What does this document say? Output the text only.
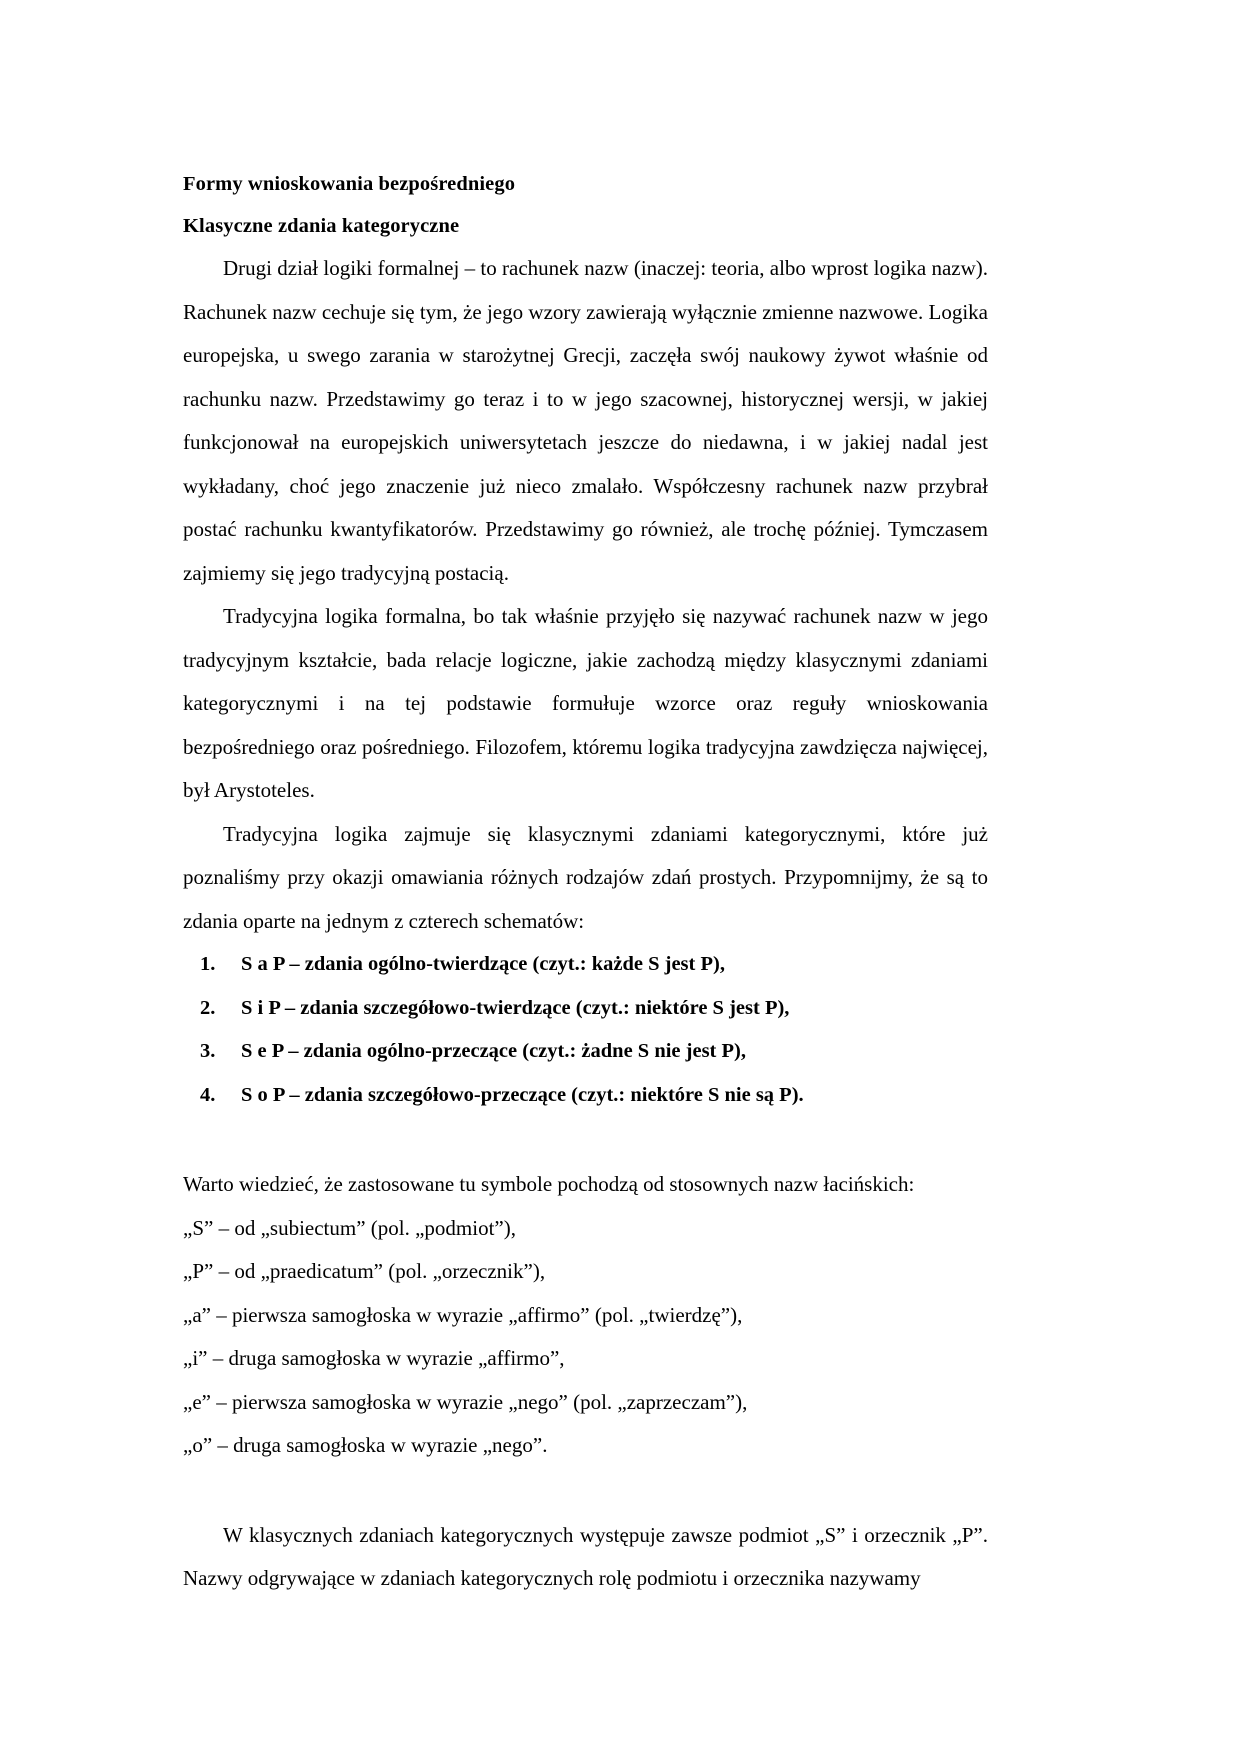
Formy wnioskowania bezpośredniego
Klasyczne zdania kategoryczne

Drugi dział logiki formalnej – to rachunek nazw (inaczej: teoria, albo wprost logika nazw). Rachunek nazw cechuje się tym, że jego wzory zawierają wyłącznie zmienne nazwowe. Logika europejska, u swego zarania w starożytnej Grecji, zaczęła swój naukowy żywot właśnie od rachunku nazw. Przedstawimy go teraz i to w jego szacownej, historycznej wersji, w jakiej funkcjonował na europejskich uniwersytetach jeszcze do niedawna, i w jakiej nadal jest wykładany, choć jego znaczenie już nieco zmalało. Współczesny rachunek nazw przybrał postać rachunku kwantyfikatorów. Przedstawimy go również, ale trochę później. Tymczasem zajmiemy się jego tradycyjną postacią.

Tradycyjna logika formalna, bo tak właśnie przyjęło się nazywać rachunek nazw w jego tradycyjnym kształcie, bada relacje logiczne, jakie zachodzą między klasycznymi zdaniami kategorycznymi i na tej podstawie formułuje wzorce oraz reguły wnioskowania bezpośredniego oraz pośredniego. Filozofem, któremu logika tradycyjna zawdzięcza najwięcej, był Arystoteles.

Tradycyjna logika zajmuje się klasycznymi zdaniami kategorycznymi, które już poznaliśmy przy okazji omawiania różnych rodzajów zdań prostych. Przypomnijmy, że są to zdania oparte na jednym z czterech schematów:

1. S a P – zdania ogólno-twierdzące (czyt.: każde S jest P),
2. S i P – zdania szczegółowo-twierdzące (czyt.: niektóre S jest P),
3. S e P – zdania ogólno-przeczące (czyt.: żadne S nie jest P),
4. S o P – zdania szczegółowo-przeczące (czyt.: niektóre S nie są P).

Warto wiedzieć, że zastosowane tu symbole pochodzą od stosownych nazw łacińskich:

„S” – od „subiectum” (pol. „podmiot”),

„P” – od „praedicatum” (pol. „orzecznik”),

„a” – pierwsza samogłoska w wyrazie „affirmo” (pol. „twierdzę”),

„i” – druga samogłoska w wyrazie „affirmo”,

„e” – pierwsza samogłoska w wyrazie „nego” (pol. „zaprzeczam”),

„o” – druga samogłoska w wyrazie „nego”.

W klasycznych zdaniach kategorycznych występuje zawsze podmiot „S” i orzecznik „P”. Nazwy odgrywające w zdaniach kategorycznych rolę podmiotu i orzecznika nazywamy
